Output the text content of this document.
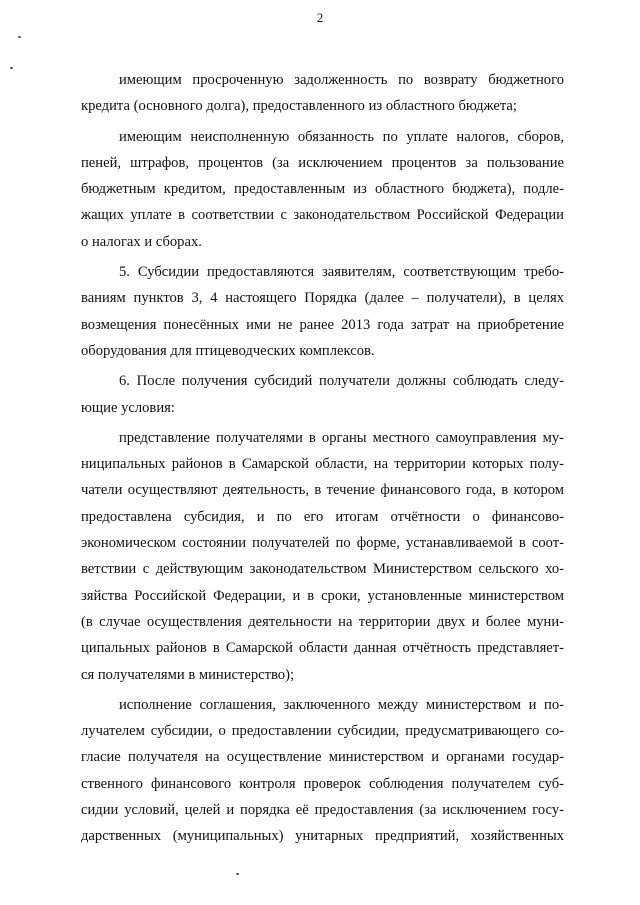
2
имеющим просроченную задолженность по возврату бюджетного
кредита (основного долга), предоставленного из областного бюджета;
имеющим неисполненную обязанность по уплате налогов, сборов,
пеней, штрафов, процентов (за исключением процентов за пользование
бюджетным кредитом, предоставленным из областного бюджета), подле-
жащих уплате в соответствии с законодательством Российской Федерации
о налогах и сборах.
5. Субсидии предоставляются заявителям, соответствующим требо-
ваниям пунктов 3, 4 настоящего Порядка (далее – получатели), в целях
возмещения понесённых ими не ранее 2013 года затрат на приобретение
оборудования для птицеводческих комплексов.
6. После получения субсидий получатели должны соблюдать следу-
ющие условия:
представление получателями в органы местного самоуправления му-
ниципальных районов в Самарской области, на территории которых полу-
чатели осуществляют деятельность, в течение финансового года, в котором
предоставлена субсидия, и по его итогам отчётности о финансово-
экономическом состоянии получателей по форме, устанавливаемой в соот-
ветствии с действующим законодательством Министерством сельского хо-
зяйства Российской Федерации, и в сроки, установленные министерством
(в случае осуществления деятельности на территории двух и более муни-
ципальных районов в Самарской области данная отчётность представляет-
ся получателями в министерство);
исполнение соглашения, заключенного между министерством и по-
лучателем субсидии, о предоставлении субсидии, предусматривающего со-
гласие получателя на осуществление министерством и органами государ-
ственного финансового контроля проверок соблюдения получателем суб-
сидии условий, целей и порядка её предоставления (за исключением госу-
дарственных (муниципальных) унитарных предприятий, хозяйственных
